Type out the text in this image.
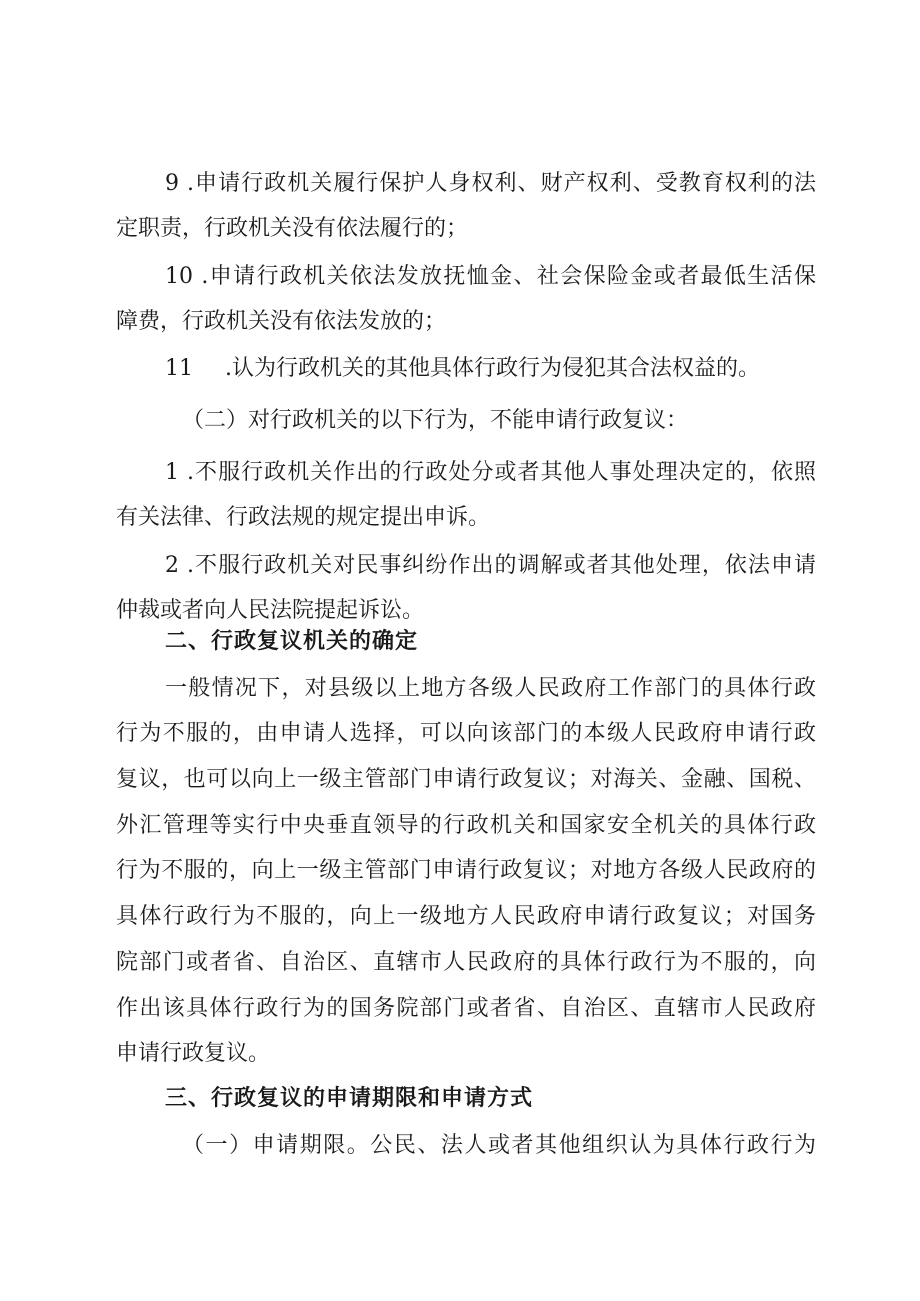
9 .申请行政机关履行保护人身权利、财产权利、受教育权利的法
定职责，行政机关没有依法履行的；
10 .申请行政机关依法发放抚恤金、社会保险金或者最低生活保
障费，行政机关没有依法发放的；
11 .认为行政机关的其他具体行政行为侵犯其合法权益的。
（二）对行政机关的以下行为，不能申请行政复议：
1 .不服行政机关作出的行政处分或者其他人事处理决定的，依照
有关法律、行政法规的规定提出申诉。
2 .不服行政机关对民事纠纷作出的调解或者其他处理，依法申请
仲裁或者向人民法院提起诉讼。
二、行政复议机关的确定
一般情况下，对县级以上地方各级人民政府工作部门的具体行政
行为不服的，由申请人选择，可以向该部门的本级人民政府申请行政
复议，也可以向上一级主管部门申请行政复议；对海关、金融、国税、
外汇管理等实行中央垂直领导的行政机关和国家安全机关的具体行政
行为不服的，向上一级主管部门申请行政复议；对地方各级人民政府的
具体行政行为不服的，向上一级地方人民政府申请行政复议；对国务
院部门或者省、自治区、直辖市人民政府的具体行政行为不服的，向
作出该具体行政行为的国务院部门或者省、自治区、直辖市人民政府
申请行政复议。
三、行政复议的申请期限和申请方式
（一）申请期限。公民、法人或者其他组织认为具体行政行为
